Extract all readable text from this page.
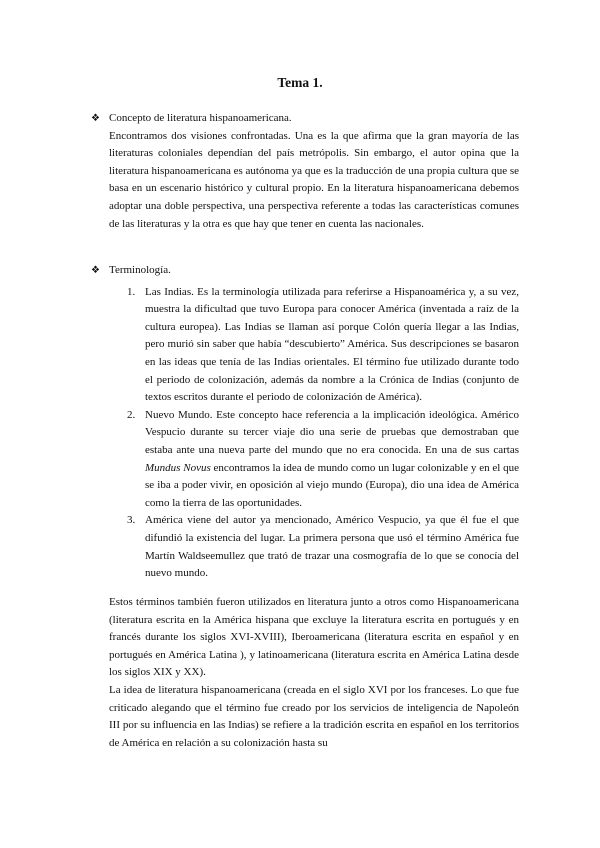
Tema 1.
❖ Concepto de literatura hispanoamericana.

Encontramos dos visiones confrontadas. Una es la que afirma que la gran mayoría de las literaturas coloniales dependían del país metrópolis. Sin embargo, el autor opina que la literatura hispanoamericana es autónoma ya que es la traducción de una propia cultura que se basa en un escenario histórico y cultural propio. En la literatura hispanoamericana debemos adoptar una doble perspectiva, una perspectiva referente a todas las características comunes de las literaturas y la otra es que hay que tener en cuenta las nacionales.

❖ Terminología.
1. Las Indias. Es la terminología utilizada para referirse a Hispanoamérica y, a su vez, muestra la dificultad que tuvo Europa para conocer América (inventada a raíz de la cultura europea). Las Indias se llaman así porque Colón quería llegar a las Indias, pero murió sin saber que había “descubierto” América. Sus descripciones se basaron en las ideas que tenía de las Indias orientales. El término fue utilizado durante todo el periodo de colonización, además da nombre a la Crónica de Indias (conjunto de textos escritos durante el periodo de colonización de América).
2. Nuevo Mundo. Este concepto hace referencia a la implicación ideológica. Américo Vespucio durante su tercer viaje dio una serie de pruebas que demostraban que estaba ante una nueva parte del mundo que no era conocida. En una de sus cartas Mundus Novus encontramos la idea de mundo como un lugar colonizable y en el que se iba a poder vivir, en oposición al viejo mundo (Europa), dio una idea de América como la tierra de las oportunidades.
3. América viene del autor ya mencionado, Américo Vespucio, ya que él fue el que difundió la existencia del lugar. La primera persona que usó el término América fue Martín Waldseemullez que trató de trazar una cosmografía de lo que se conocía del nuevo mundo.

Estos términos también fueron utilizados en literatura junto a otros como Hispanoamericana (literatura escrita en la América hispana que excluye la literatura escrita en portugués y en francés durante los siglos XVI-XVIII), Iberoamericana (literatura escrita en español y en portugués en América Latina ), y latinoamericana (literatura escrita en América Latina desde los siglos XIX y XX).

La idea de literatura hispanoamericana (creada en el siglo XVI por los franceses. Lo que fue criticado alegando que el término fue creado por los servicios de inteligencia de Napoleón III por su influencia en las Indias) se refiere a la tradición escrita en español en los territorios de América en relación a su colonización hasta su
